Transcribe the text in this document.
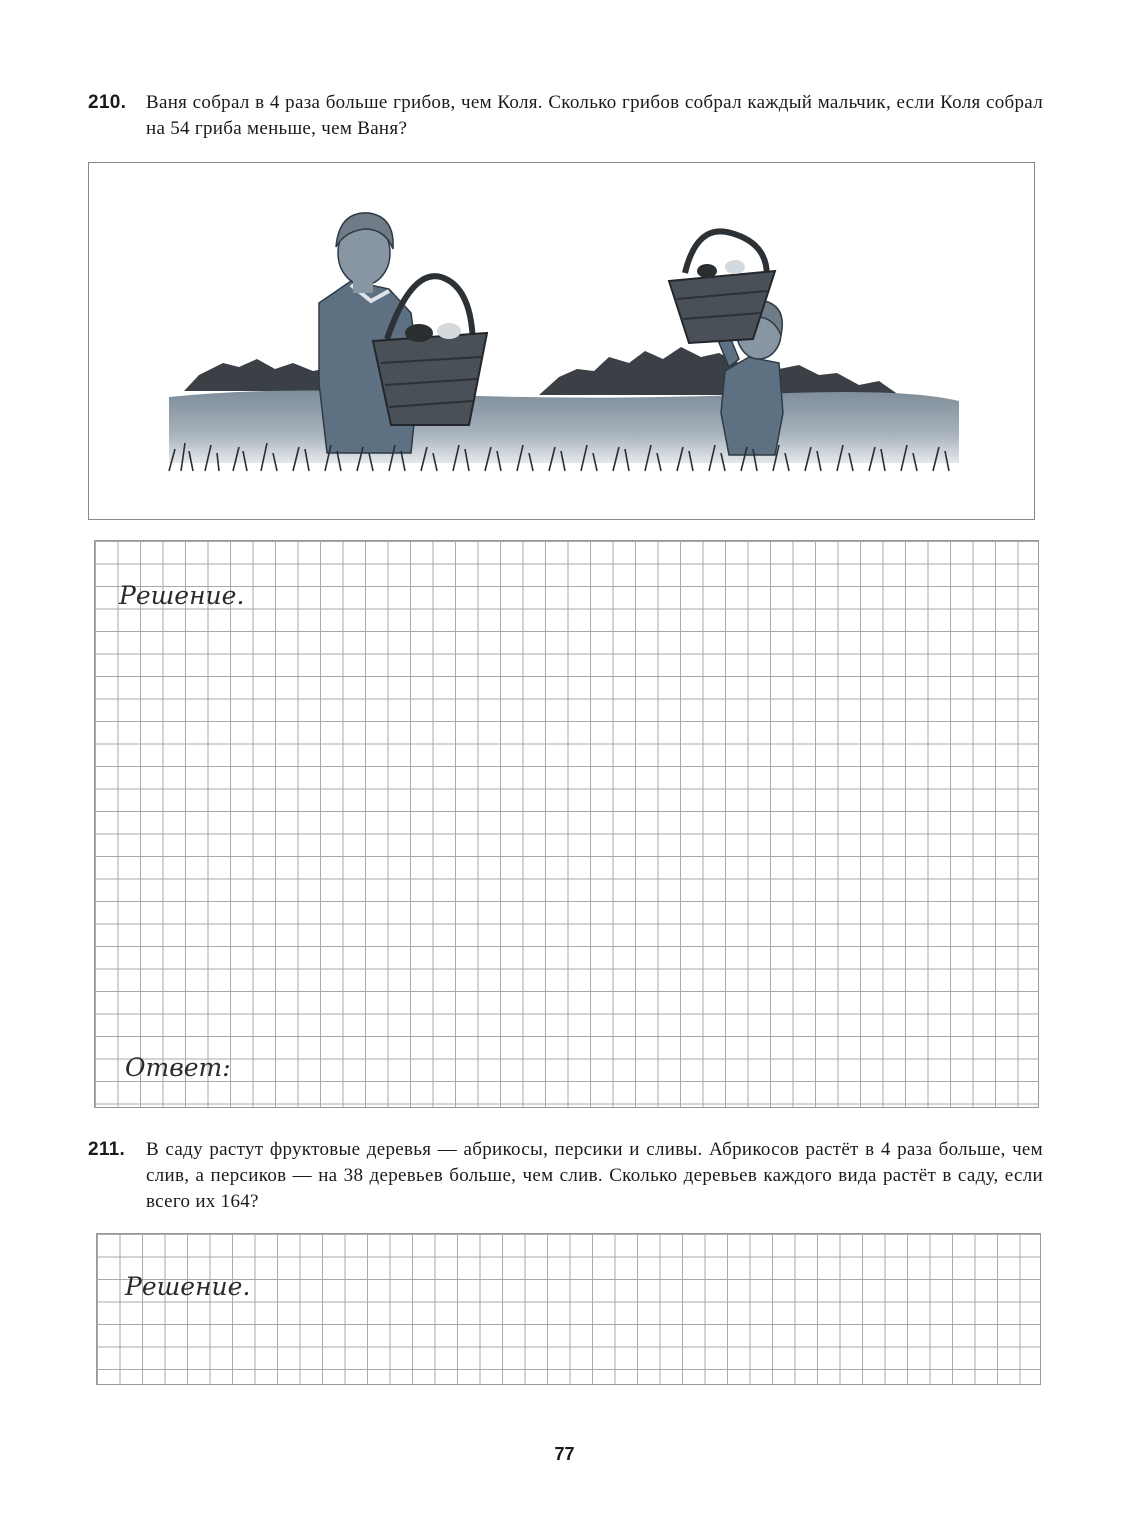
210. Ваня собрал в 4 раза больше грибов, чем Коля. Сколько грибов собрал каждый мальчик, если Коля собрал на 54 гриба меньше, чем Ваня?
Решение.
Ответ:
211. В саду растут фруктовые деревья — абрикосы, персики и сливы. Абрикосов растёт в 4 раза больше, чем слив, а персиков — на 38 деревьев больше, чем слив. Сколько деревьев каждого вида растёт в саду, если всего их 164?
Решение.
77
